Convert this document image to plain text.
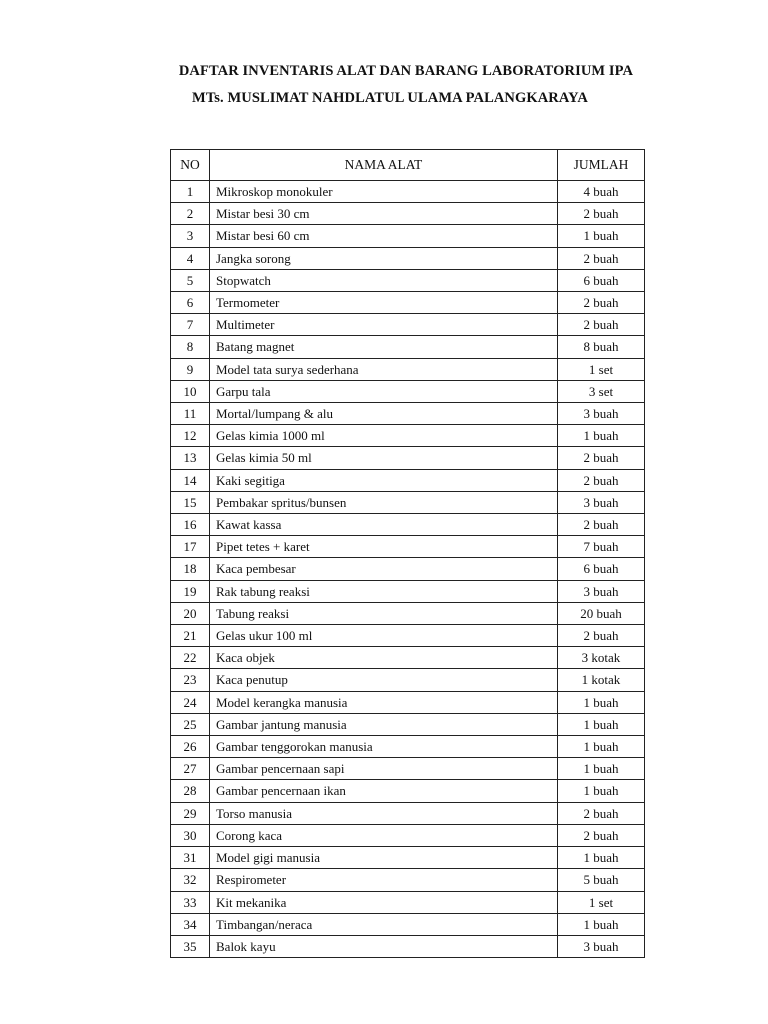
DAFTAR INVENTARIS ALAT DAN BARANG LABORATORIUM IPA
MTs. MUSLIMAT NAHDLATUL ULAMA PALANGKARAYA
NO	NAMA ALAT	JUMLAH
1	Mikroskop monokuler	4 buah
2	Mistar besi 30 cm	2 buah
3	Mistar besi 60 cm	1 buah
4	Jangka sorong	2 buah
5	Stopwatch	6 buah
6	Termometer	2 buah
7	Multimeter	2 buah
8	Batang magnet	8 buah
9	Model tata surya sederhana	1 set
10	Garpu tala	3 set
11	Mortal/lumpang & alu	3 buah
12	Gelas kimia 1000 ml	1 buah
13	Gelas kimia 50 ml	2 buah
14	Kaki segitiga	2 buah
15	Pembakar spritus/bunsen	3 buah
16	Kawat kassa	2 buah
17	Pipet tetes + karet	7 buah
18	Kaca pembesar	6 buah
19	Rak tabung reaksi	3 buah
20	Tabung reaksi	20 buah
21	Gelas ukur 100 ml	2 buah
22	Kaca objek	3 kotak
23	Kaca penutup	1 kotak
24	Model kerangka manusia	1 buah
25	Gambar jantung manusia	1 buah
26	Gambar tenggorokan manusia	1 buah
27	Gambar pencernaan sapi	1 buah
28	Gambar pencernaan ikan	1 buah
29	Torso manusia	2 buah
30	Corong kaca	2 buah
31	Model gigi manusia	1 buah
32	Respirometer	5 buah
33	Kit mekanika	1 set
34	Timbangan/neraca	1 buah
35	Balok kayu	3 buah
